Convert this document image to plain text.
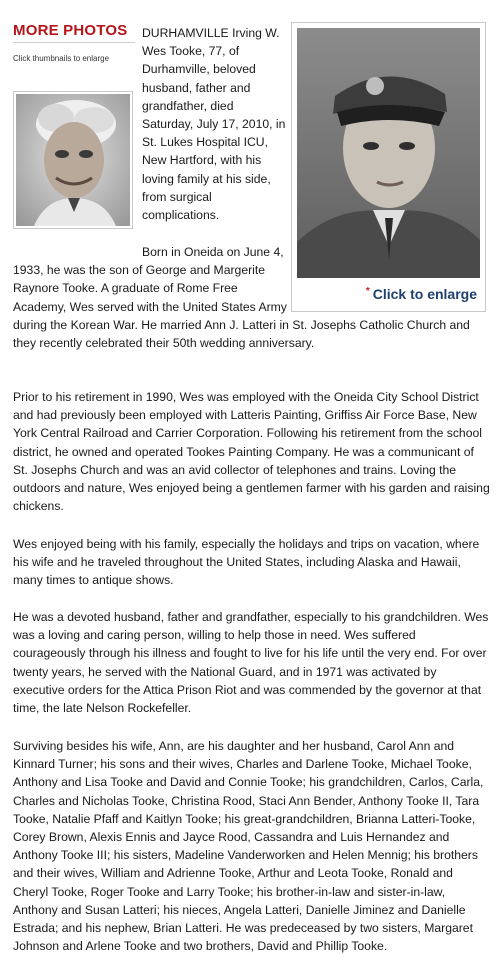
MORE PHOTOS
Click thumbnails to enlarge

DURHAMVILLE Irving W. Wes Tooke, 77, of Durhamville, beloved husband, father and grandfather, died Saturday, July 17, 2010, in St. Lukes Hospital ICU, New Hartford, with his loving family at his side, from surgical complications.

* Click to enlarge

Born in Oneida on June 4, 1933, he was the son of George and Margerite Raynore Tooke. A graduate of Rome Free Academy, Wes served with the United States Army during the Korean War. He married Ann J. Latteri in St. Josephs Catholic Church and they recently celebrated their 50th wedding anniversary.

Prior to his retirement in 1990, Wes was employed with the Oneida City School District and had previously been employed with Latteris Painting, Griffiss Air Force Base, New York Central Railroad and Carrier Corporation. Following his retirement from the school district, he owned and operated Tookes Painting Company. He was a communicant of St. Josephs Church and was an avid collector of telephones and trains. Loving the outdoors and nature, Wes enjoyed being a gentlemen farmer with his garden and raising chickens.

Wes enjoyed being with his family, especially the holidays and trips on vacation, where his wife and he traveled throughout the United States, including Alaska and Hawaii, many times to antique shows.

He was a devoted husband, father and grandfather, especially to his grandchildren. Wes was a loving and caring person, willing to help those in need. Wes suffered courageously through his illness and fought to live for his life until the very end. For over twenty years, he served with the National Guard, and in 1971 was activated by executive orders for the Attica Prison Riot and was commended by the governor at that time, the late Nelson Rockefeller.

Surviving besides his wife, Ann, are his daughter and her husband, Carol Ann and Kinnard Turner; his sons and their wives, Charles and Darlene Tooke, Michael Tooke, Anthony and Lisa Tooke and David and Connie Tooke; his grandchildren, Carlos, Carla, Charles and Nicholas Tooke, Christina Rood, Staci Ann Bender, Anthony Tooke II, Tara Tooke, Natalie Pfaff and Kaitlyn Tooke; his great-grandchildren, Brianna Latteri-Tooke, Corey Brown, Alexis Ennis and Jayce Rood, Cassandra and Luis Hernandez and Anthony Tooke III; his sisters, Madeline Vanderworken and Helen Mennig; his brothers and their wives, William and Adrienne Tooke, Arthur and Leota Tooke, Ronald and Cheryl Tooke, Roger Tooke and Larry Tooke; his brother-in-law and sister-in-law, Anthony and Susan Latteri; his nieces, Angela Latteri, Danielle Jiminez and Danielle Estrada; and his nephew, Brian Latteri. He was predeceased by two sisters, Margaret Johnson and Arlene Tooke and two brothers, David and Phillip Tooke.
